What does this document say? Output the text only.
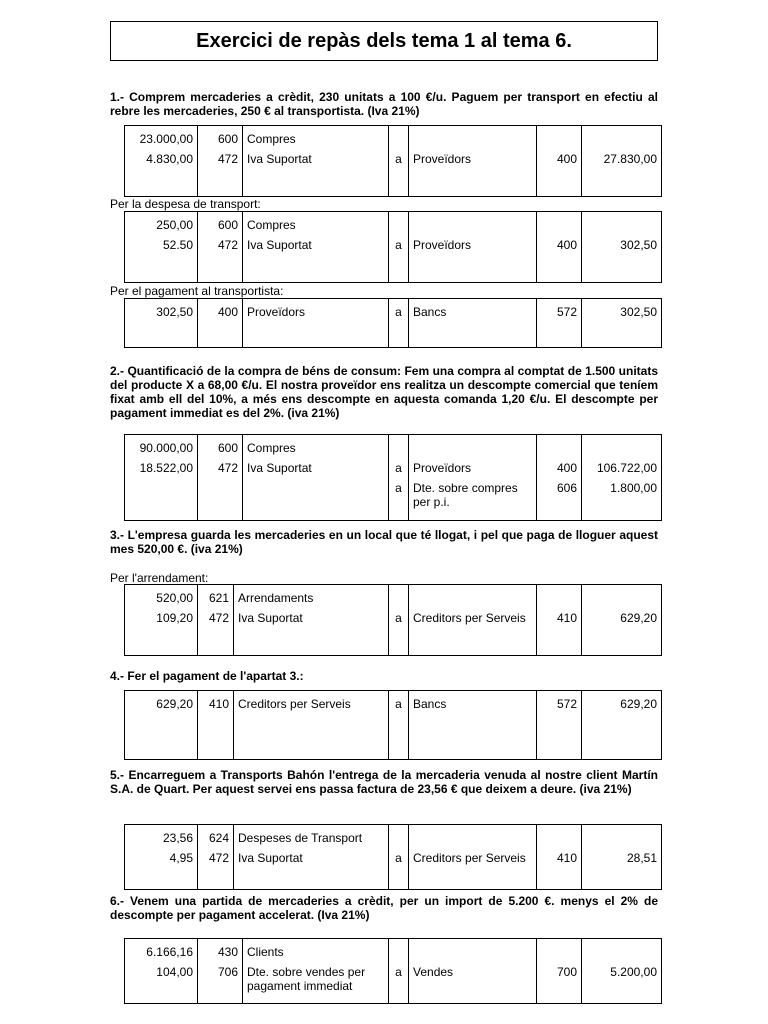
Exercici de repàs dels tema 1 al tema 6.
1.- Comprem mercaderies a crèdit, 230 unitats a 100 €/u. Paguem per transport en efectiu al rebre les mercaderies, 250 € al transportista. (Iva 21%)
23.000,00	600	Compres				
4.830,00	472	Iva Suportat	a	Proveïdors	400	27.830,00
Per la despesa de transport:
250,00	600	Compres				
52.50	472	Iva Suportat	a	Proveïdors	400	302,50
Per el pagament al transportista:
302,50	400	Proveïdors	a	Bancs	572	302,50
2.- Quantificació de la compra de béns de consum: Fem una compra al comptat de 1.500 unitats del producte X a 68,00 €/u. El nostra proveïdor ens realitza un descompte comercial que teníem fixat amb ell del 10%, a més ens descompte en aquesta comanda 1,20 €/u. El descompte per pagament immediat es del 2%. (iva 21%)
90.000,00	600	Compres				
18.522,00	472	Iva Suportat	a	Proveïdors	400	106.722,00
			a	Dte. sobre compres per p.i.	606	1.800,00
3.- L'empresa guarda les mercaderies en un local que té llogat, i pel que paga de lloguer aquest mes 520,00 €. (iva 21%)
Per l'arrendament:
520,00	621	Arrendaments				
109,20	472	Iva Suportat	a	Creditors per Serveis	410	629,20
4.- Fer el pagament de l'apartat 3.:
629,20	410	Creditors per Serveis	a	Bancs	572	629,20
5.- Encarreguem a Transports Bahón l'entrega de la mercaderia venuda al nostre client Martín S.A. de Quart. Per aquest servei ens passa factura de 23,56 € que deixem a deure. (iva 21%)
23,56	624	Despeses de Transport				
4,95	472	Iva Suportat	a	Creditors per Serveis	410	28,51
6.- Venem una partida de mercaderies a crèdit, per un import de 5.200 €. menys el 2% de descompte per pagament accelerat. (Iva 21%)
6.166,16	430	Clients				
104,00	706	Dte. sobre vendes per pagament immediat	a	Vendes	700	5.200,00
